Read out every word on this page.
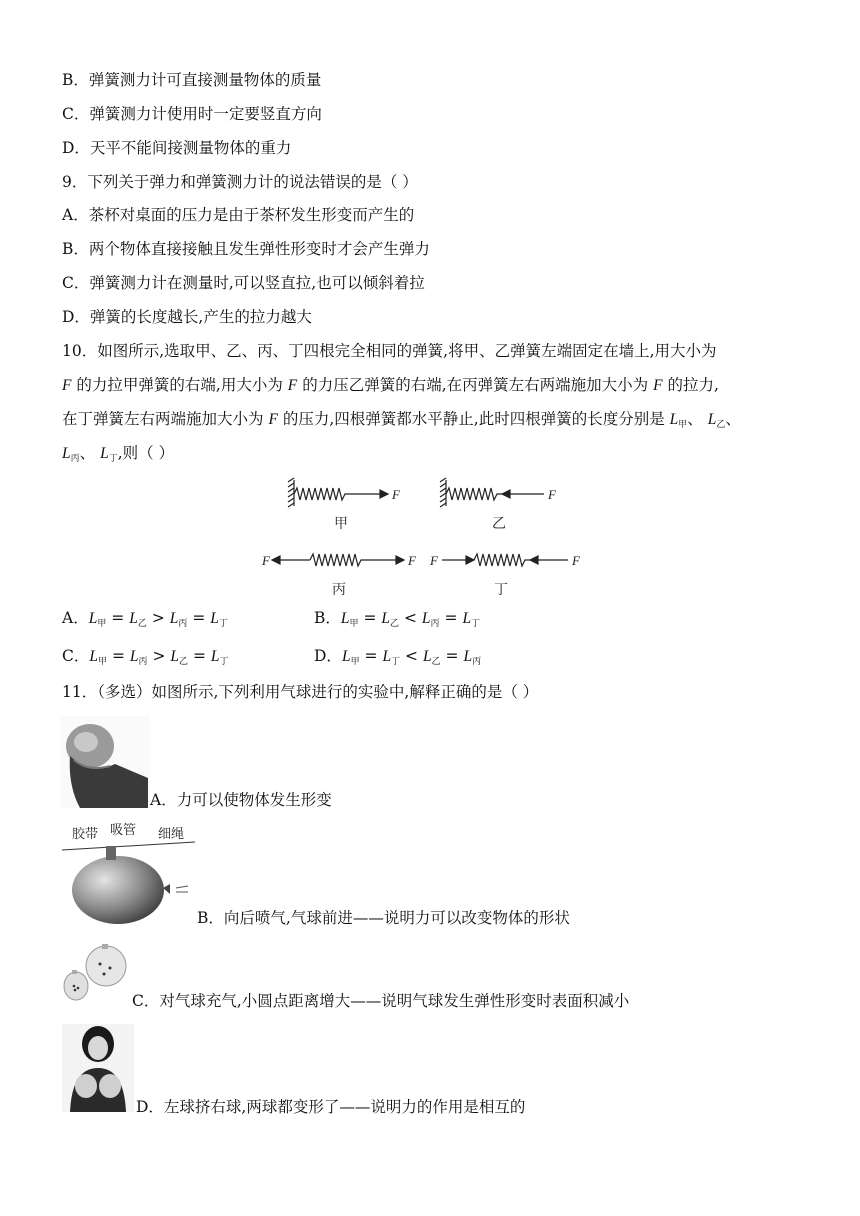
B．弹簧测力计可直接测量物体的质量
C．弹簧测力计使用时一定要竖直方向
D．天平不能间接测量物体的重力
9．下列关于弹力和弹簧测力计的说法错误的是（ ）
A．茶杯对桌面的压力是由于茶杯发生形变而产生的
B．两个物体直接接触且发生弹性形变时才会产生弹力
C．弹簧测力计在测量时,可以竖直拉,也可以倾斜着拉
D．弹簧的长度越长,产生的拉力越大
10．如图所示,选取甲、乙、丙、丁四根完全相同的弹簧,将甲、乙弹簧左端固定在墙上,用大小为
F 的力拉甲弹簧的右端,用大小为 F 的力压乙弹簧的右端,在丙弹簧左右两端施加大小为 F 的拉力,
在丁弹簧左右两端施加大小为 F 的压力,四根弹簧都水平静止,此时四根弹簧的长度分别是 $L_甲$、 $L_乙$、
$L_丙$、 $L_丁$,则（ ）
F	F
F	F F	F
甲	乙
丙	丁
A．$L_甲 = L_乙 > L_丙 = L_丁$	B．$L_甲 = L_乙 < L_丙 = L_丁$
C．$L_甲 = L_丙 > L_乙 = L_丁$	D．$L_甲 = L_丁 < L_乙 = L_丙$
11．（多选）如图所示,下列利用气球进行的实验中,解释正确的是（ ）
A．力可以使物体发生形变
胶带 吸管 细绳
B．向后喷气,气球前进——说明力可以改变物体的形状
C．对气球充气,小圆点距离增大——说明气球发生弹性形变时表面积减小
D．左球挤右球,两球都变形了——说明力的作用是相互的
